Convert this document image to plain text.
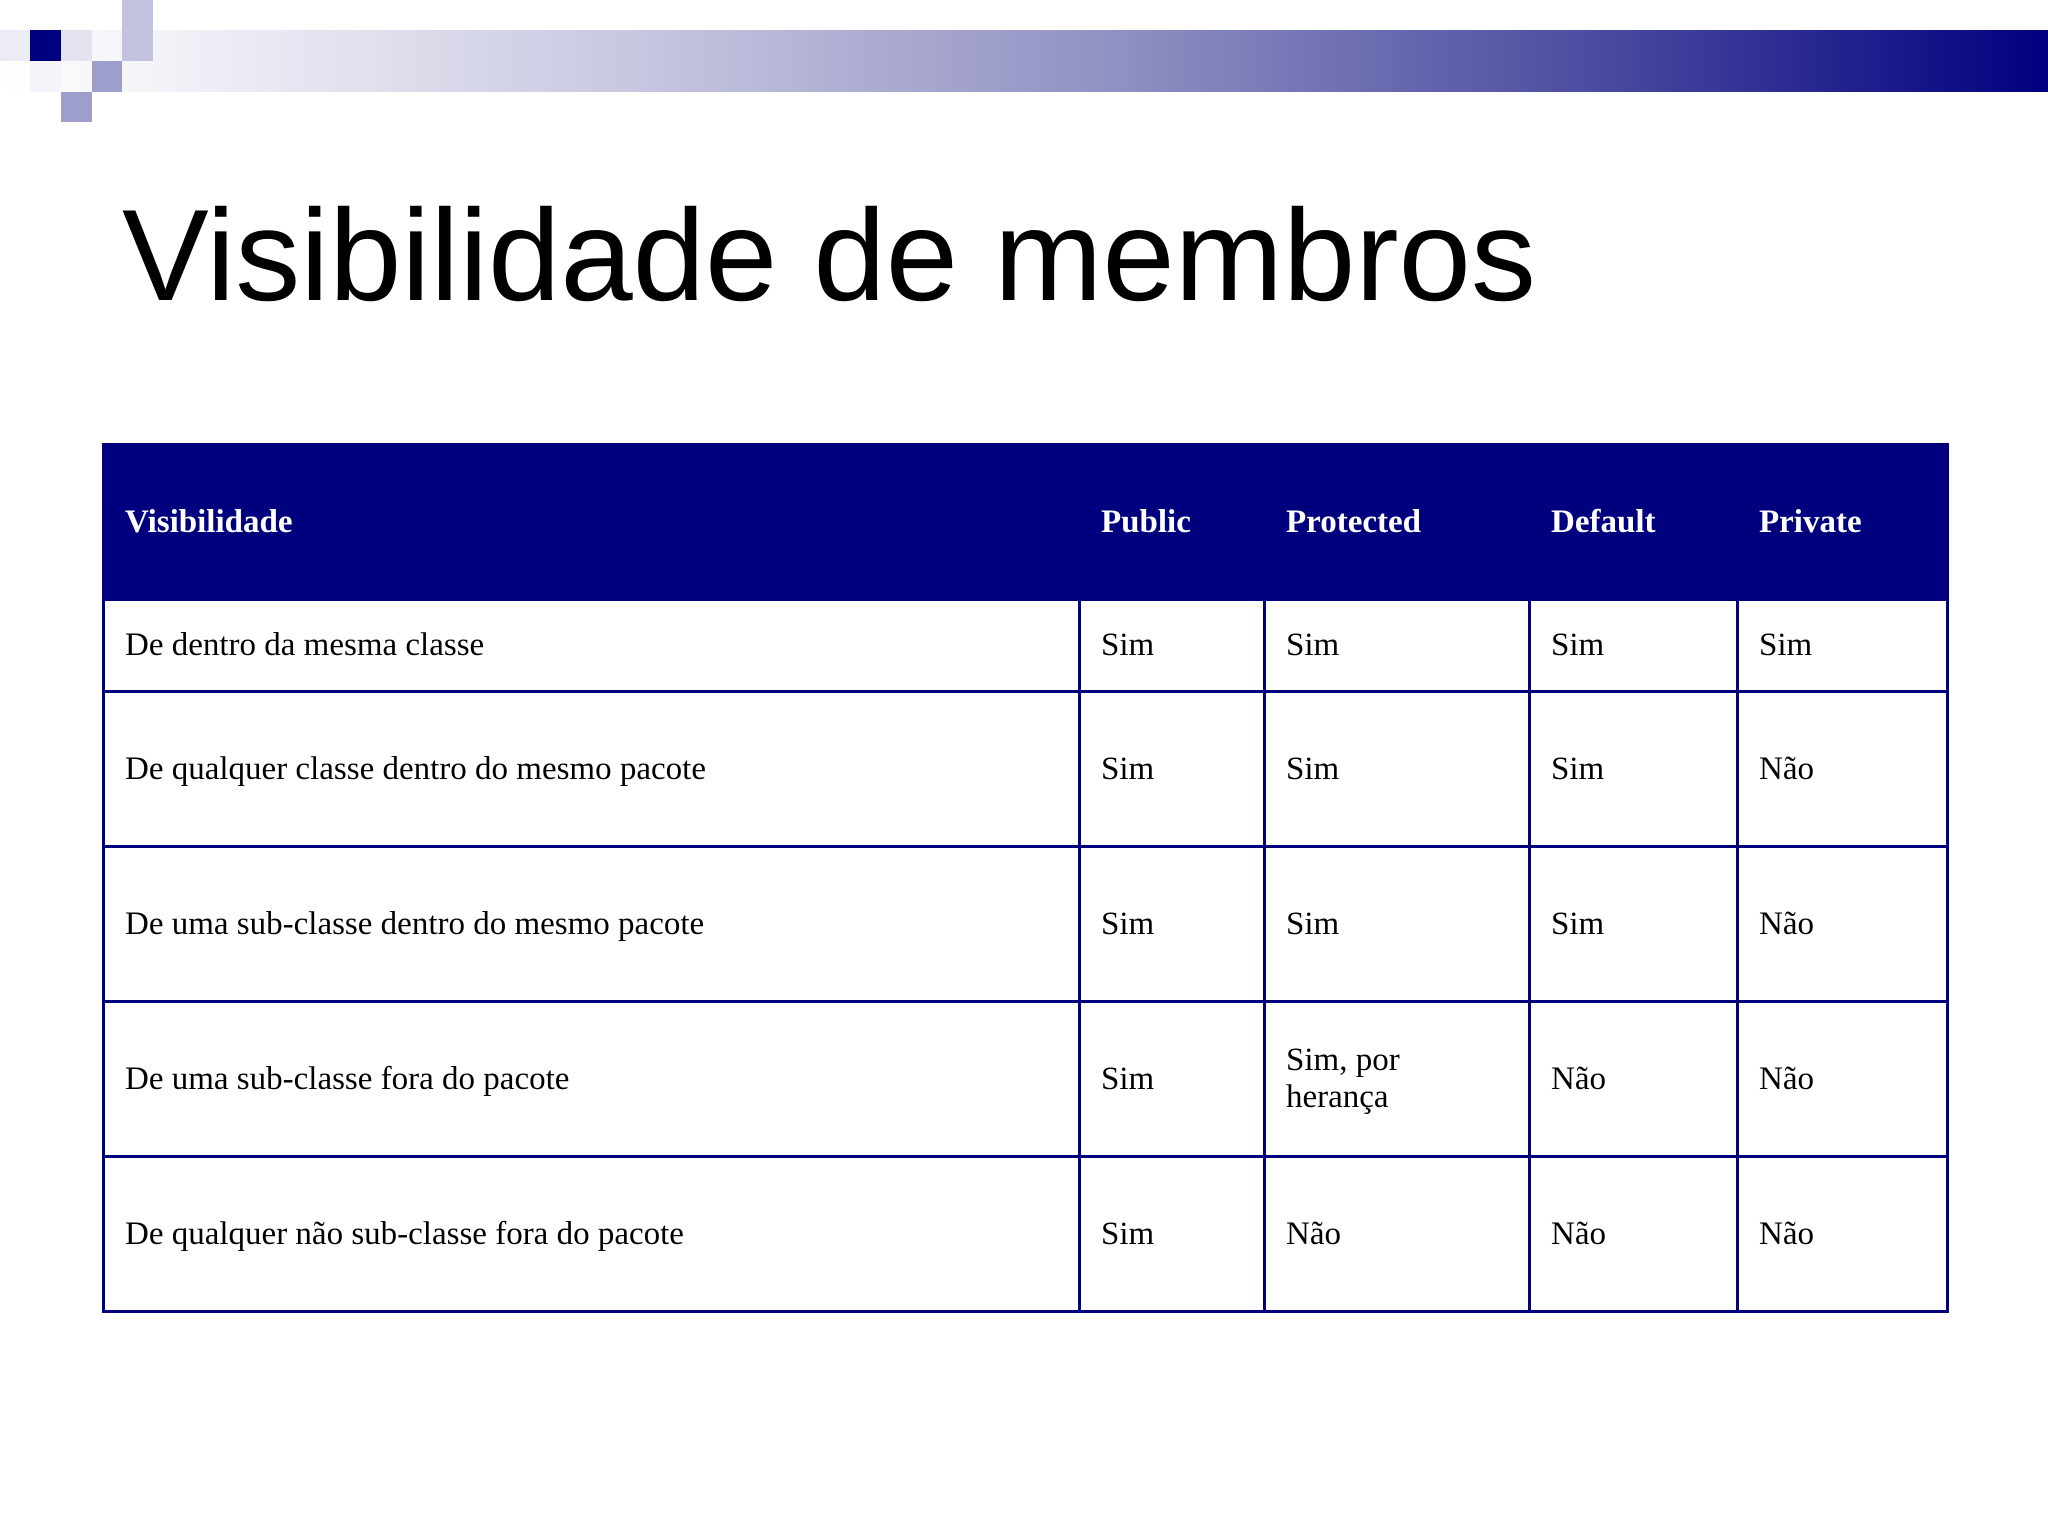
Visibilidade de membros
Visibilidade	Public	Protected	Default	Private
De dentro da mesma classe	Sim	Sim	Sim	Sim
De qualquer classe dentro do mesmo pacote	Sim	Sim	Sim	Não
De uma sub-classe dentro do mesmo pacote	Sim	Sim	Sim	Não
De uma sub-classe fora do pacote	Sim	Sim, por herança	Não	Não
De qualquer não sub-classe fora do pacote	Sim	Não	Não	Não
